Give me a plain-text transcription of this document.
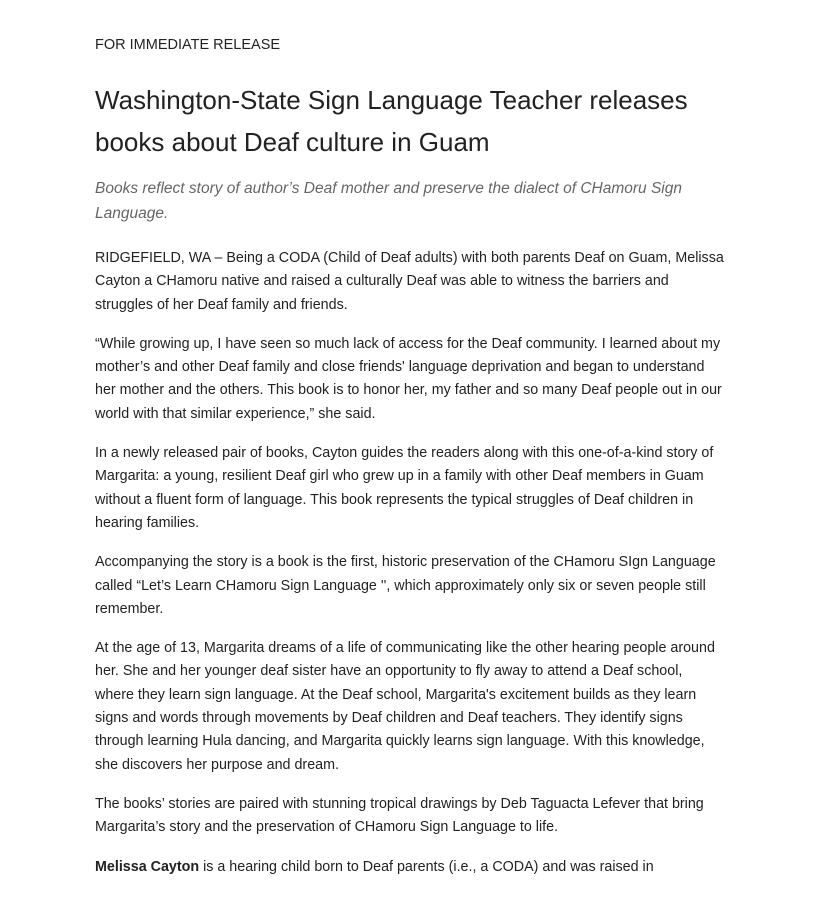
FOR IMMEDIATE RELEASE
Washington-State Sign Language Teacher releases books about Deaf culture in Guam
Books reflect story of author’s Deaf mother and preserve the dialect of CHamoru Sign Language.

RIDGEFIELD, WA – Being a CODA (Child of Deaf adults) with both parents Deaf on Guam, Melissa Cayton a CHamoru native and raised a culturally Deaf was able to witness the barriers and struggles of her Deaf family and friends.

“While growing up, I have seen so much lack of access for the Deaf community. I learned about my mother’s and other Deaf family and close friends' language deprivation and began to understand her mother and the others. This book is to honor her, my father and so many Deaf people out in our world with that similar experience,” she said.

In a newly released pair of books, Cayton guides the readers along with this one-of-a-kind story of Margarita: a young, resilient Deaf girl who grew up in a family with other Deaf members in Guam without a fluent form of language. This book represents the typical struggles of Deaf children in hearing families.

Accompanying the story is a book is the first, historic preservation of the CHamoru SIgn Language called “Let’s Learn CHamoru Sign Language '', which approximately only six or seven people still remember.

At the age of 13, Margarita dreams of a life of communicating like the other hearing people around her. She and her younger deaf sister have an opportunity to fly away to attend a Deaf school, where they learn sign language. At the Deaf school, Margarita's excitement builds as they learn signs and words through movements by Deaf children and Deaf teachers. They identify signs through learning Hula dancing, and Margarita quickly learns sign language. With this knowledge, she discovers her purpose and dream.

The books’ stories are paired with stunning tropical drawings by Deb Taguacta Lefever that bring Margarita’s story and the preservation of CHamoru Sign Language to life.

Melissa Cayton is a hearing child born to Deaf parents (i.e., a CODA) and was raised in
